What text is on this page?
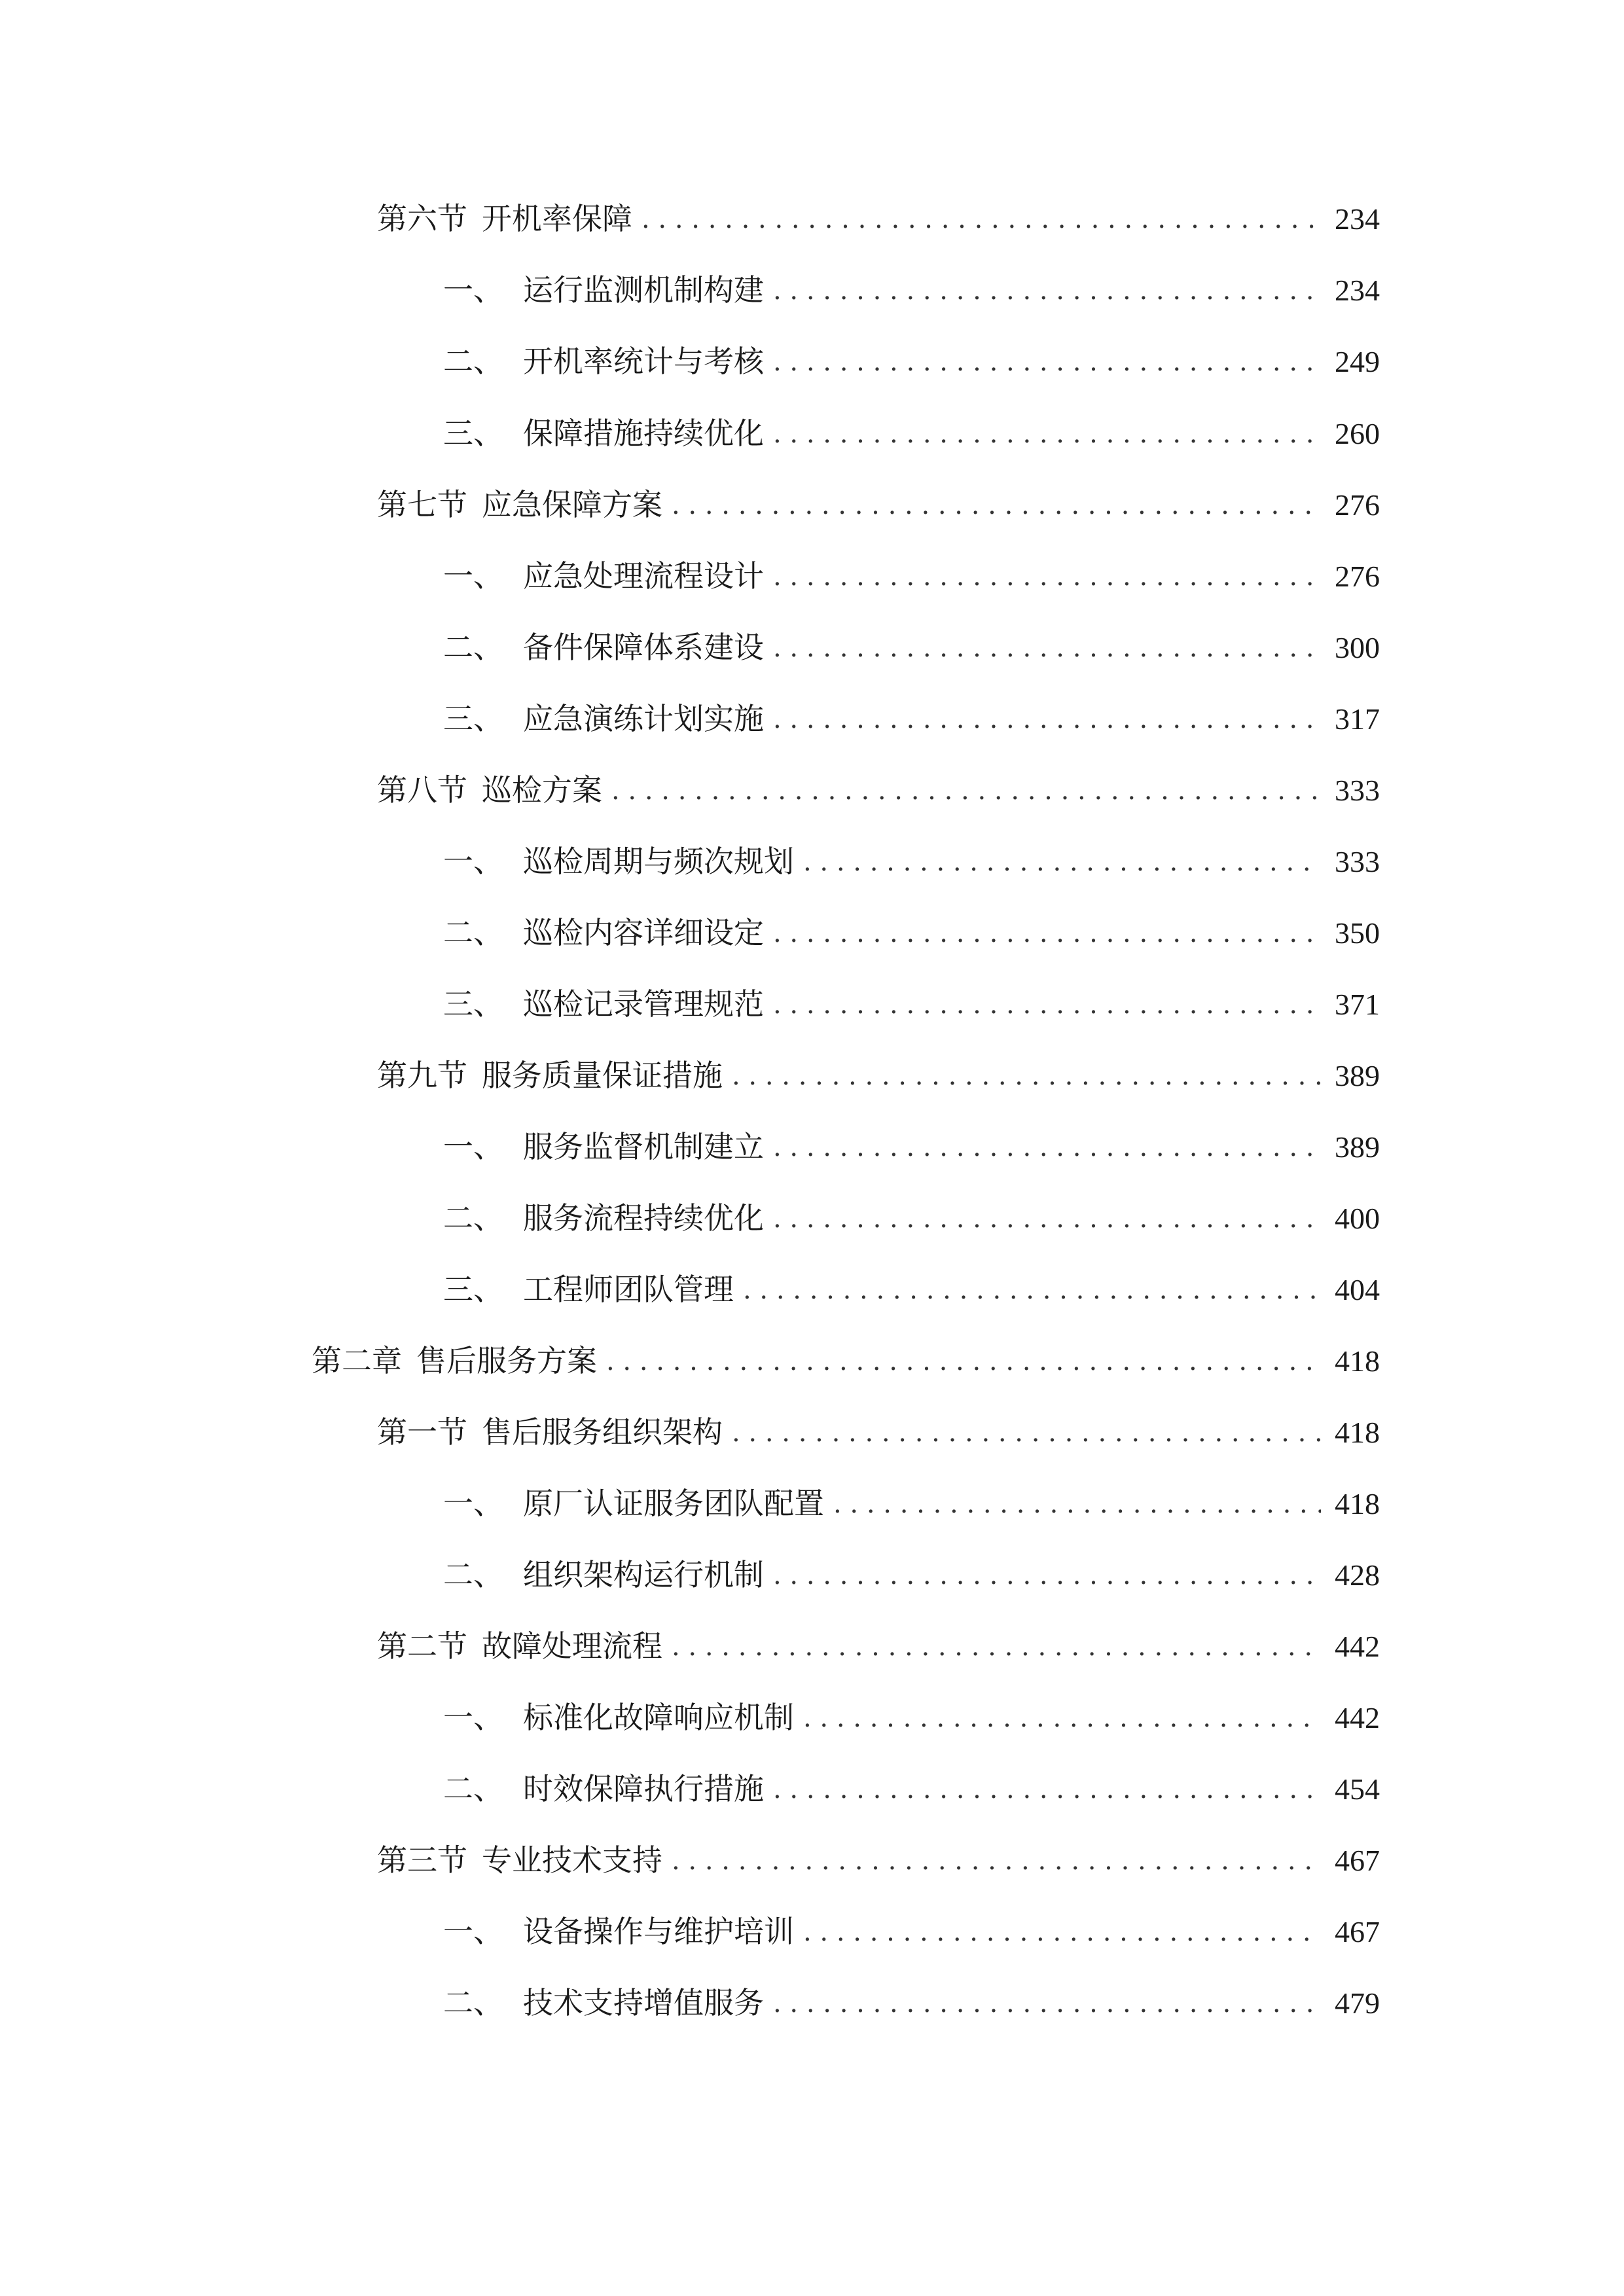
第六节 开机率保障 . . .	234
一、 运行监测机制构建 . . .	234
二、 开机率统计与考核 . . .	249
三、 保障措施持续优化 . . .	260
第七节 应急保障方案 . . .	276
一、 应急处理流程设计 . . .	276
二、 备件保障体系建设 . . .	300
三、 应急演练计划实施 . . .	317
第八节 巡检方案 . . .	333
一、 巡检周期与频次规划 . . .	333
二、 巡检内容详细设定 . . .	350
三、 巡检记录管理规范 . . .	371
第九节 服务质量保证措施 . . .	389
一、 服务监督机制建立 . . .	389
二、 服务流程持续优化 . . .	400
三、 工程师团队管理 . . .	404
第二章 售后服务方案 . . .	418
第一节 售后服务组织架构 . . .	418
一、 原厂认证服务团队配置 . . .	418
二、 组织架构运行机制 . . .	428
第二节 故障处理流程 . . .	442
一、 标准化故障响应机制 . . .	442
二、 时效保障执行措施 . . .	454
第三节 专业技术支持 . . .	467
一、 设备操作与维护培训 . . .	467
二、 技术支持增值服务 . . .	479
